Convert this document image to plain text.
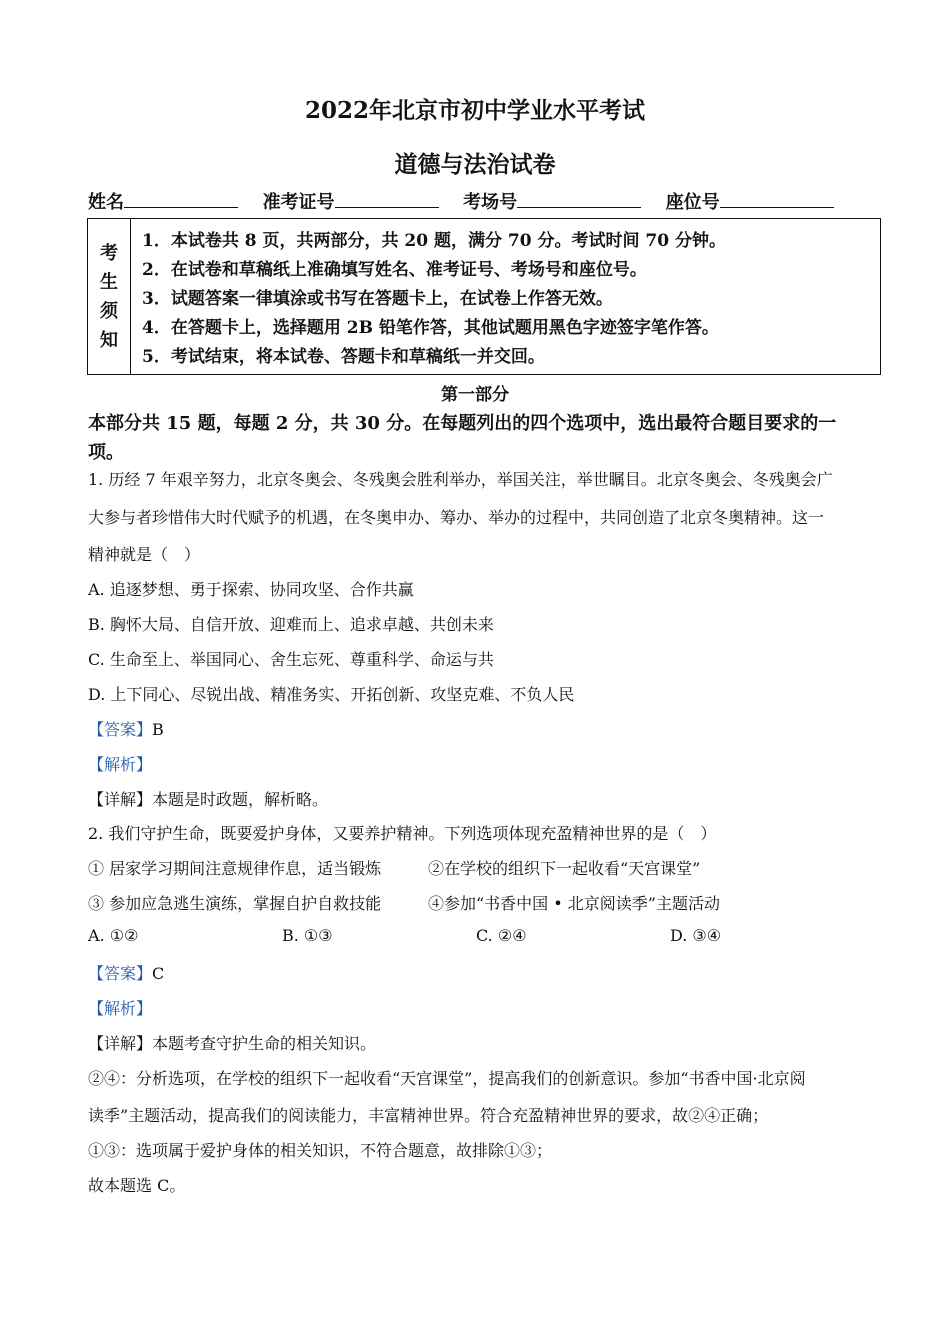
2022年北京市初中学业水平考试
道德与法治试卷
姓名	准考证号	考场号	座位号
考
生
须
知
1．本试卷共 8 页，共两部分，共 20 题，满分 70 分。考试时间 70 分钟。
2．在试卷和草稿纸上准确填写姓名、准考证号、考场号和座位号。
3．试题答案一律填涂或书写在答题卡上，在试卷上作答无效。
4．在答题卡上，选择题用 2B 铅笔作答，其他试题用黑色字迹签字笔作答。
5．考试结束，将本试卷、答题卡和草稿纸一并交回。
第一部分
本部分共 15 题，每题 2 分，共 30 分。在每题列出的四个选项中，选出最符合题目要求的一
项。
1. 历经 7 年艰辛努力，北京冬奥会、冬残奥会胜利举办，举国关注，举世瞩目。北京冬奥会、冬残奥会广
大参与者珍惜伟大时代赋予的机遇，在冬奥申办、筹办、举办的过程中，共同创造了北京冬奥精神。这一
精神就是（　）
A. 追逐梦想、勇于探索、协同攻坚、合作共赢
B. 胸怀大局、自信开放、迎难而上、追求卓越、共创未来
C. 生命至上、举国同心、舍生忘死、尊重科学、命运与共
D. 上下同心、尽锐出战、精准务实、开拓创新、攻坚克难、不负人民
【答案】B
【解析】
【详解】本题是时政题，解析略。
2. 我们守护生命，既要爱护身体，又要养护精神。下列选项体现充盈精神世界的是（　）
① 居家学习期间注意规律作息，适当锻炼	②在学校的组织下一起收看“天宫课堂”
③ 参加应急逃生演练，掌握自护自救技能	④参加“书香中国 • 北京阅读季”主题活动
A. ①②	B. ①③	C. ②④	D. ③④
【答案】C
【解析】
【详解】本题考查守护生命的相关知识。
②④：分析选项，在学校的组织下一起收看“天宫课堂”，提高我们的创新意识。参加“书香中国·北京阅
读季”主题活动，提高我们的阅读能力，丰富精神世界。符合充盈精神世界的要求，故②④正确；
①③：选项属于爱护身体的相关知识，不符合题意，故排除①③；
故本题选 C。
